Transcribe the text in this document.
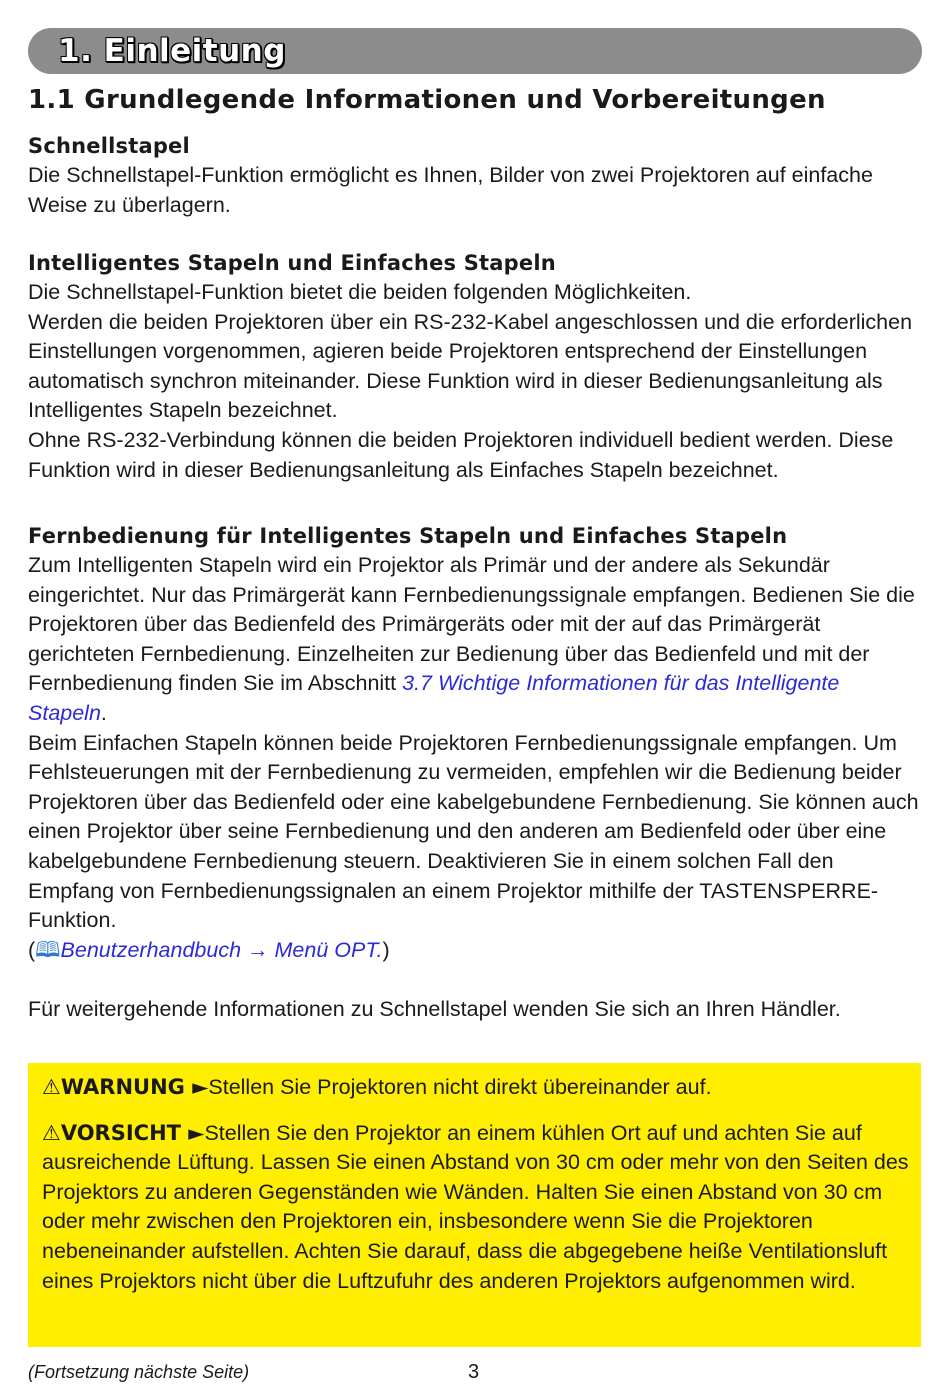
1. Einleitung
1.1 Grundlegende Informationen und Vorbereitungen
Schnellstapel

Die Schnellstapel-Funktion ermöglicht es Ihnen, Bilder von zwei Projektoren auf einfache Weise zu überlagern.

Intelligentes Stapeln und Einfaches Stapeln

Die Schnellstapel-Funktion bietet die beiden folgenden Möglichkeiten.

Werden die beiden Projektoren über ein RS-232-Kabel angeschlossen und die erforderlichen Einstellungen vorgenommen, agieren beide Projektoren entsprechend der Einstellungen automatisch synchron miteinander. Diese Funktion wird in dieser Bedienungsanleitung als Intelligentes Stapeln bezeichnet.

Ohne RS-232-Verbindung können die beiden Projektoren individuell bedient werden. Diese Funktion wird in dieser Bedienungsanleitung als Einfaches Stapeln bezeichnet.

Fernbedienung für Intelligentes Stapeln und Einfaches Stapeln

Zum Intelligenten Stapeln wird ein Projektor als Primär und der andere als Sekundär eingerichtet. Nur das Primärgerät kann Fernbedienungssignale empfangen. Bedienen Sie die Projektoren über das Bedienfeld des Primärgeräts oder mit der auf das Primärgerät gerichteten Fernbedienung. Einzelheiten zur Bedienung über das Bedienfeld und mit der Fernbedienung finden Sie im Abschnitt 3.7 Wichtige Informationen für das Intelligente Stapeln.

Beim Einfachen Stapeln können beide Projektoren Fernbedienungssignale empfangen. Um Fehlsteuerungen mit der Fernbedienung zu vermeiden, empfehlen wir die Bedienung beider Projektoren über das Bedienfeld oder eine kabelgebundene Fernbedienung. Sie können auch einen Projektor über seine Fernbedienung und den anderen am Bedienfeld oder über eine kabelgebundene Fernbedienung steuern. Deaktivieren Sie in einem solchen Fall den Empfang von Fernbedienungssignalen an einem Projektor mithilfe der TASTENSPERRE-Funktion.

(🕮Benutzerhandbuch → Menü OPT.)

Für weitergehende Informationen zu Schnellstapel wenden Sie sich an Ihren Händler.

⚠WARNUNG ►Stellen Sie Projektoren nicht direkt übereinander auf.

⚠VORSICHT ►Stellen Sie den Projektor an einem kühlen Ort auf und achten Sie auf ausreichende Lüftung. Lassen Sie einen Abstand von 30 cm oder mehr von den Seiten des Projektors zu anderen Gegenständen wie Wänden. Halten Sie einen Abstand von 30 cm oder mehr zwischen den Projektoren ein, insbesondere wenn Sie die Projektoren nebeneinander aufstellen. Achten Sie darauf, dass die abgegebene heiße Ventilationsluft eines Projektors nicht über die Luftzufuhr des anderen Projektors aufgenommen wird.

(Fortsetzung nächste Seite)	3
